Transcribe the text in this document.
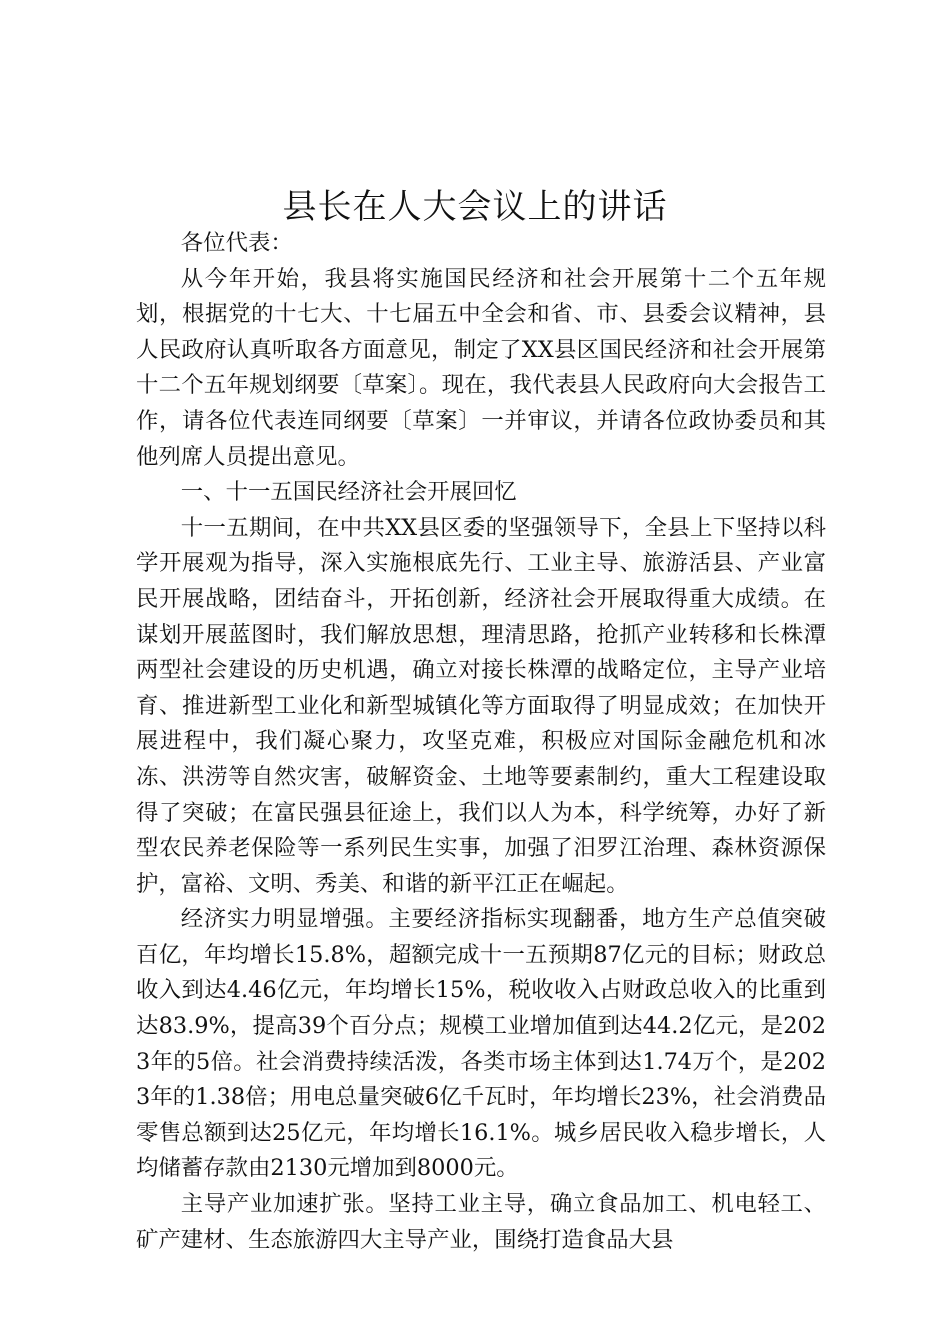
县长在人大会议上的讲话

各位代表：

从今年开始，我县将实施国民经济和社会开展第十二个五年规划，根据党的十七大、十七届五中全会和省、市、县委会议精神，县人民政府认真听取各方面意见，制定了XX县区国民经济和社会开展第十二个五年规划纲要〔草案〕。现在，我代表县人民政府向大会报告工作，请各位代表连同纲要〔草案〕一并审议，并请各位政协委员和其他列席人员提出意见。

一、十一五国民经济社会开展回忆

十一五期间，在中共XX县区委的坚强领导下，全县上下坚持以科学开展观为指导，深入实施根底先行、工业主导、旅游活县、产业富民开展战略，团结奋斗，开拓创新，经济社会开展取得重大成绩。在谋划开展蓝图时，我们解放思想，理清思路，抢抓产业转移和长株潭两型社会建设的历史机遇，确立对接长株潭的战略定位，主导产业培育、推进新型工业化和新型城镇化等方面取得了明显成效；在加快开展进程中，我们凝心聚力，攻坚克难，积极应对国际金融危机和冰冻、洪涝等自然灾害，破解资金、土地等要素制约，重大工程建设取得了突破；在富民强县征途上，我们以人为本，科学统筹，办好了新型农民养老保险等一系列民生实事，加强了汨罗江治理、森林资源保护，富裕、文明、秀美、和谐的新平江正在崛起。

经济实力明显增强。主要经济指标实现翻番，地方生产总值突破百亿，年均增长15.8%，超额完成十一五预期87亿元的目标；财政总收入到达4.46亿元，年均增长15%，税收收入占财政总收入的比重到达83.9%，提高39个百分点；规模工业增加值到达44.2亿元，是2023年的5倍。社会消费持续活泼，各类市场主体到达1.74万个，是2023年的1.38倍；用电总量突破6亿千瓦时，年均增长23%，社会消费品零售总额到达25亿元，年均增长16.1%。城乡居民收入稳步增长，人均储蓄存款由2130元增加到8000元。

主导产业加速扩张。坚持工业主导，确立食品加工、机电轻工、矿产建材、生态旅游四大主导产业，围绕打造食品大县
